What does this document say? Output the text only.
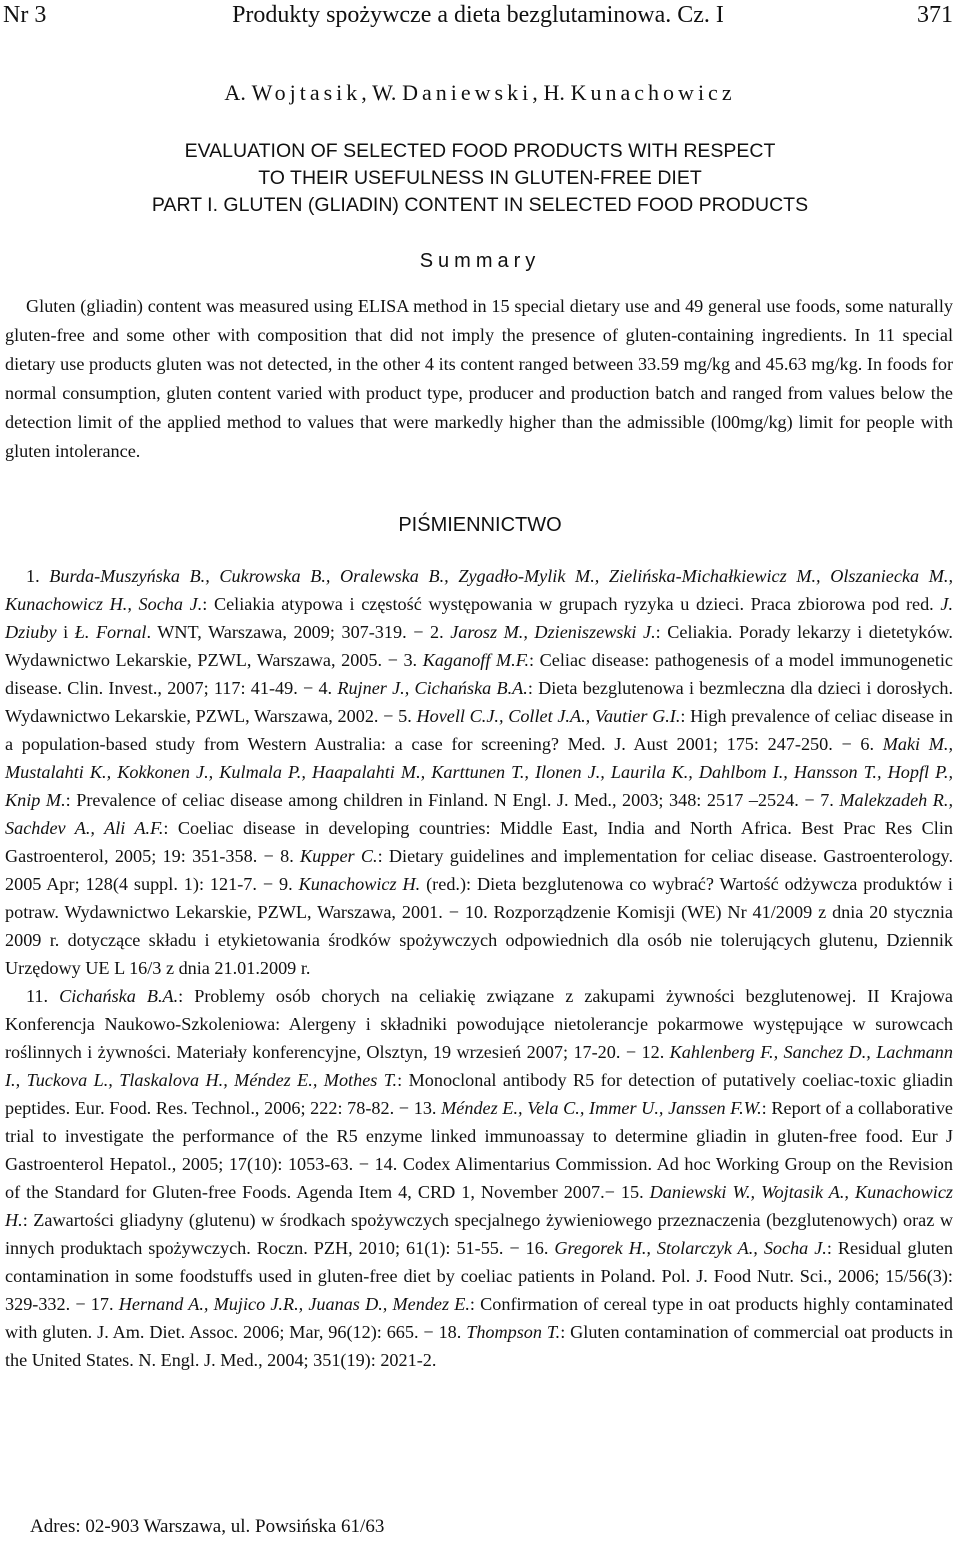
Nr 3	Produkty spożywcze a dieta bezglutaminowa. Cz. I	371
A. Wojtasik, W. Daniewski, H. Kunachowicz
EVALUATION OF SELECTED FOOD PRODUCTS WITH RESPECT
TO THEIR USEFULNESS IN GLUTEN-FREE DIET
PART I. GLUTEN (GLIADIN) CONTENT IN SELECTED FOOD PRODUCTS
Summary

Gluten (gliadin) content was measured using ELISA method in 15 special dietary use and 49 general use foods, some naturally gluten-free and some other with composition that did not imply the presence of gluten-containing ingredients. In 11 special dietary use products gluten was not detected, in the other 4 its content ranged between 33.59 mg/kg and 45.63 mg/kg. In foods for normal consumption, gluten content varied with product type, producer and production batch and ranged from values below the detection limit of the applied method to values that were markedly higher than the admissible (l00mg/kg) limit for people with gluten intolerance.

PIŚMIENNICTWO

1. Burda-Muszyńska B., Cukrowska B., Oralewska B., Zygadło-Mylik M., Zielińska-Michałkiewicz M., Olszaniecka M., Kunachowicz H., Socha J.: Celiakia atypowa i częstość występowania w grupach ryzyka u dzieci. Praca zbiorowa pod red. J. Dziuby i Ł. Fornal. WNT, Warszawa, 2009; 307-319. − 2. Jarosz M., Dzieniszewski J.: Celiakia. Porady lekarzy i dietetyków. Wydawnictwo Lekarskie, PZWL, Warszawa, 2005. − 3. Kaganoff M.F.: Celiac disease: pathogenesis of a model immunogenetic disease. Clin. Invest., 2007; 117: 41-49. − 4. Rujner J., Cichańska B.A.: Dieta bezglutenowa i bezmleczna dla dzieci i dorosłych. Wydawnictwo Lekarskie, PZWL, Warszawa, 2002. − 5. Hovell C.J., Collet J.A., Vautier G.I.: High prevalence of celiac disease in a population-based study from Western Australia: a case for screening? Med. J. Aust 2001; 175: 247-250. − 6. Maki M., Mustalahti K., Kokkonen J., Kulmala P., Haapalahti M., Karttunen T., Ilonen J., Laurila K., Dahlbom I., Hansson T., Hopfl P., Knip M.: Prevalence of celiac disease among children in Finland. N Engl. J. Med., 2003; 348: 2517 –2524. − 7. Malekzadeh R., Sachdev A., Ali A.F.: Coeliac disease in developing countries: Middle East, India and North Africa. Best Prac Res Clin Gastroenterol, 2005; 19: 351-358. − 8. Kupper C.: Dietary guidelines and implementation for celiac disease. Gastroenterology. 2005 Apr; 128(4 suppl. 1): 121-7. − 9. Kunachowicz H. (red.): Dieta bezglutenowa co wybrać? Wartość odżywcza produktów i potraw. Wydawnictwo Lekarskie, PZWL, Warszawa, 2001. − 10. Rozporządzenie Komisji (WE) Nr 41/2009 z dnia 20 stycznia 2009 r. dotyczące składu i etykietowania środków spożywczych odpowiednich dla osób nie tolerujących glutenu, Dziennik Urzędowy UE L 16/3 z dnia 21.01.2009 r.

11. Cichańska B.A.: Problemy osób chorych na celiakię związane z zakupami żywności bezglutenowej. II Krajowa Konferencja Naukowo-Szkoleniowa: Alergeny i składniki powodujące nietolerancje pokarmowe występujące w surowcach roślinnych i żywności. Materiały konferencyjne, Olsztyn, 19 wrzesień 2007; 17-20. − 12. Kahlenberg F., Sanchez D., Lachmann I., Tuckova L., Tlaskalova H., Méndez E., Mothes T.: Monoclonal antibody R5 for detection of putatively coeliac-toxic gliadin peptides. Eur. Food. Res. Technol., 2006; 222: 78-82. − 13. Méndez E., Vela C., Immer U., Janssen F.W.: Report of a collaborative trial to investigate the performance of the R5 enzyme linked immunoassay to determine gliadin in gluten-free food. Eur J Gastroenterol Hepatol., 2005; 17(10): 1053-63. − 14. Codex Alimentarius Commission. Ad hoc Working Group on the Revision of the Standard for Gluten-free Foods. Agenda Item 4, CRD 1, November 2007.− 15. Daniewski W., Wojtasik A., Kunachowicz H.: Zawartości gliadyny (glutenu) w środkach spożywczych specjalnego żywieniowego przeznaczenia (bezglutenowych) oraz w innych produktach spożywczych. Roczn. PZH, 2010; 61(1): 51-55. − 16. Gregorek H., Stolarczyk A., Socha J.: Residual gluten contamination in some foodstuffs used in gluten-free diet by coeliac patients in Poland. Pol. J. Food Nutr. Sci., 2006; 15/56(3): 329-332. − 17. Hernand A., Mujico J.R., Juanas D., Mendez E.: Confirmation of cereal type in oat products highly contaminated with gluten. J. Am. Diet. Assoc. 2006; Mar, 96(12): 665. − 18. Thompson T.: Gluten contamination of commercial oat products in the United States. N. Engl. J. Med., 2004; 351(19): 2021-2.

Adres: 02-903 Warszawa, ul. Powsińska 61/63
